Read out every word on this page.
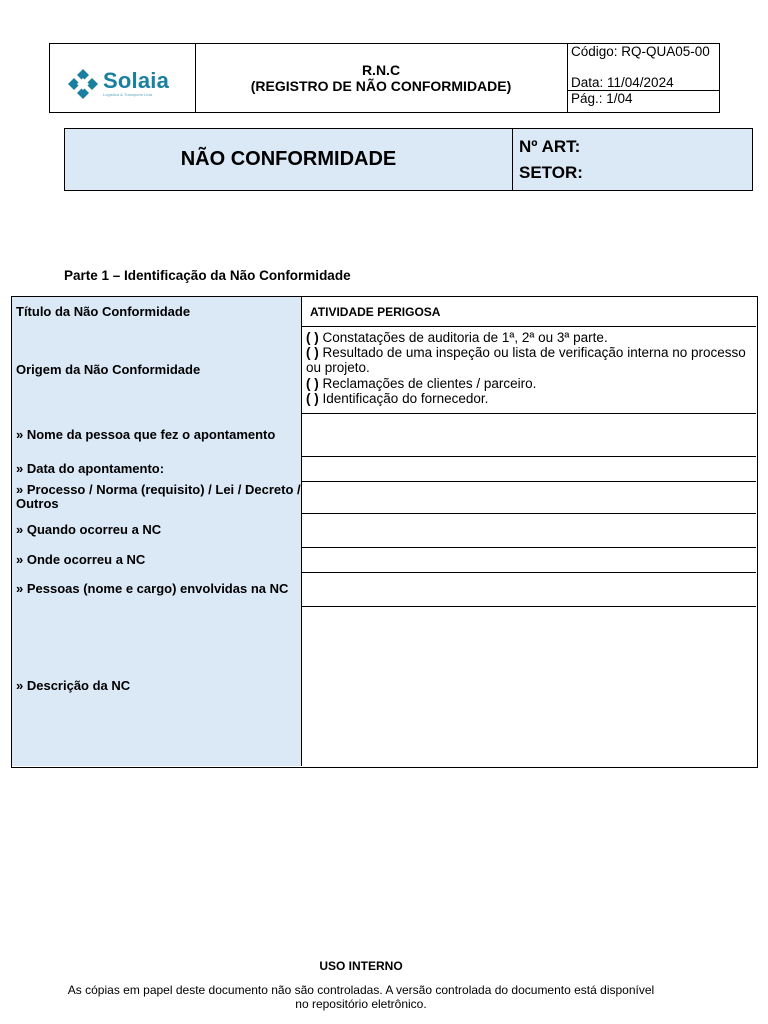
Solaia
Logística & Transporte Ltda
R.N.C
(REGISTRO DE NÃO CONFORMIDADE)
Código: RQ-QUA05-00
Data: 11/04/2024
Pág.: 1/04
NÃO CONFORMIDADE
Nº ART:
SETOR:
Parte 1 – Identificação da Não Conformidade
Título da Não Conformidade	ATIVIDADE PERIGOSA
Origem da Não Conformidade
( ) Constatações de auditoria de 1ª, 2ª ou 3ª parte.
( ) Resultado de uma inspeção ou lista de verificação interna no processo ou projeto.
( ) Reclamações de clientes / parceiro.
( ) Identificação do fornecedor.
» Nome da pessoa que fez o apontamento
» Data do apontamento:
» Processo / Norma (requisito) / Lei / Decreto / Outros
» Quando ocorreu a NC
» Onde ocorreu a NC
» Pessoas (nome e cargo) envolvidas na NC
» Descrição da NC
USO INTERNO
As cópias em papel deste documento não são controladas. A versão controlada do documento está disponível no repositório eletrônico.
